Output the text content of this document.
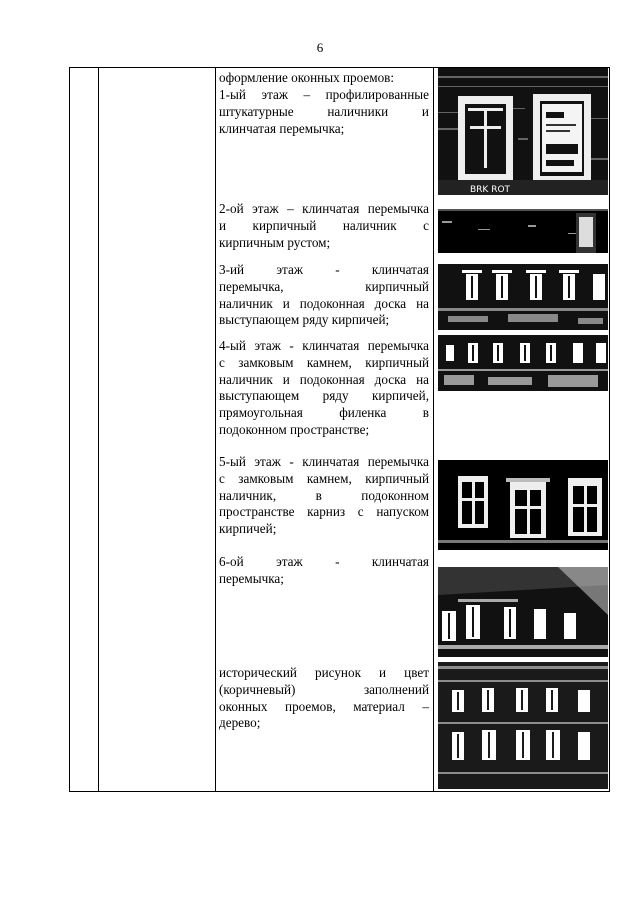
6
оформление оконных проемов:
1-ый этаж – профилированные
штукатурные наличники и
клинчатая перемычка;
2-ой этаж – клинчатая перемычка
и кирпичный наличник с
кирпичным рустом;
3-ий этаж - клинчатая
перемычка, кирпичный
наличник и подоконная доска на
выступающем ряду кирпичей;
4-ый этаж - клинчатая перемычка
с замковым камнем, кирпичный
наличник и подоконная доска на
выступающем ряду кирпичей,
прямоугольная филенка в
подоконном пространстве;
5-ый этаж - клинчатая перемычка
с замковым камнем, кирпичный
наличник, в подоконном
пространстве карниз с напуском
кирпичей;
6-ой этаж - клинчатая
перемычка;
исторический рисунок и цвет
(коричневый) заполнений
оконных проемов, материал –
дерево;
BRK ROT
